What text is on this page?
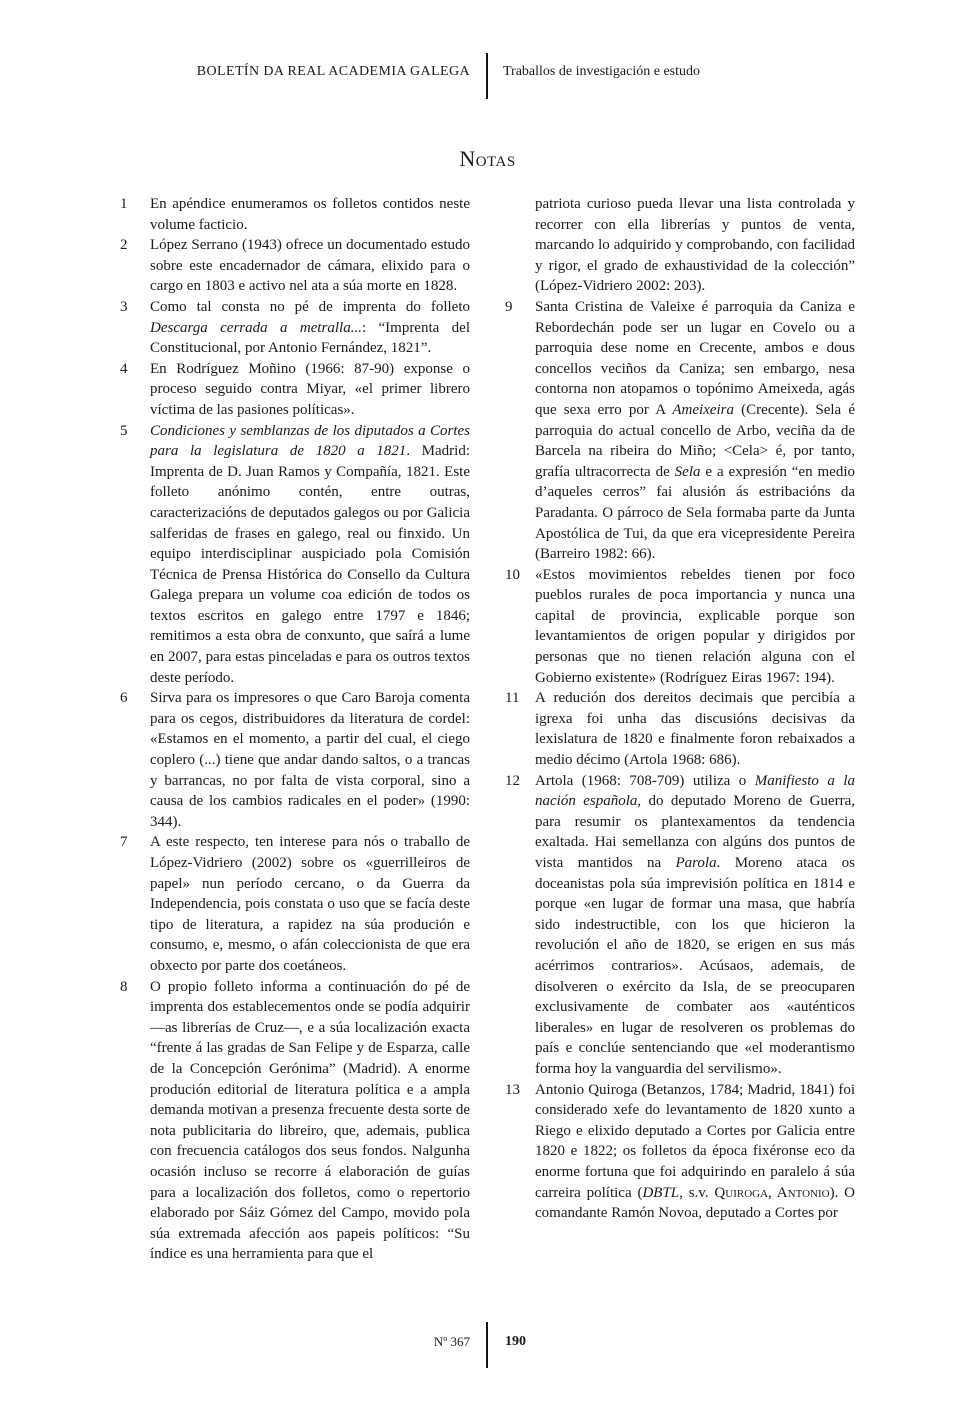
BOLETÍN DA REAL ACADEMIA GALEGA Traballos de investigación e estudo
Notas

1	En apéndice enumeramos os folletos contidos neste volume facticio.

2	López Serrano (1943) ofrece un documentado estudo sobre este encadernador de cámara, elixido para o cargo en 1803 e activo nel ata a súa morte en 1828.

3	Como tal consta no pé de imprenta do folleto Descarga cerrada a metralla...: “Imprenta del Constitucional, por Antonio Fernández, 1821”.

4	En Rodríguez Moñino (1966: 87-90) exponse o proceso seguido contra Miyar, «el primer librero víctima de las pasiones políticas».

5	Condiciones y semblanzas de los diputados a Cortes para la legislatura de 1820 a 1821. Madrid: Imprenta de D. Juan Ramos y Compañía, 1821. Este folleto anónimo contén, entre outras, caracterizacións de deputados galegos ou por Galicia salferidas de frases en galego, real ou finxido. Un equipo interdisciplinar auspiciado pola Comisión Técnica de Prensa Histórica do Consello da Cultura Galega prepara un volume coa edición de todos os textos escritos en galego entre 1797 e 1846; remitimos a esta obra de conxunto, que saírá a lume en 2007, para estas pinceladas e para os outros textos deste período.

6	Sirva para os impresores o que Caro Baroja comenta para os cegos, distribuidores da literatura de cordel: «Estamos en el momento, a partir del cual, el ciego coplero (...) tiene que andar dando saltos, o a trancas y barrancas, no por falta de vista corporal, sino a causa de los cambios radicales en el poder» (1990: 344).

7	A este respecto, ten interese para nós o traballo de López-Vidriero (2002) sobre os «guerrilleiros de papel» nun período cercano, o da Guerra da Independencia, pois constata o uso que se facía deste tipo de literatura, a rapidez na súa produción e consumo, e, mesmo, o afán coleccionista de que era obxecto por parte dos coetáneos.

8	O propio folleto informa a continuación do pé de imprenta dos establecementos onde se podía adquirir —as librerías de Cruz—, e a súa localización exacta “frente á las gradas de San Felipe y de Esparza, calle de la Concepción Gerónima” (Madrid). A enorme produción editorial de literatura política e a ampla demanda motivan a presenza frecuente desta sorte de nota publicitaria do libreiro, que, ademais, publica con frecuencia catálogos dos seus fondos. Nalgunha ocasión incluso se recorre á elaboración de guías para a localización dos folletos, como o repertorio elaborado por Sáiz Gómez del Campo, movido pola súa extremada afección aos papeis políticos: “Su índice es una herramienta para que el

patriota curioso pueda llevar una lista controlada y recorrer con ella librerías y puntos de venta, marcando lo adquirido y comprobando, con facilidad y rigor, el grado de exhaustividad de la colección” (López-Vidriero 2002: 203).

9	Santa Cristina de Valeixe é parroquia da Caniza e Rebordechán pode ser un lugar en Covelo ou a parroquia dese nome en Crecente, ambos e dous concellos veciños da Caniza; sen embargo, nesa contorna non atopamos o topónimo Ameixeda, agás que sexa erro por A Ameixeira (Crecente). Sela é parroquia do actual concello de Arbo, veciña da de Barcela na ribeira do Miño; <Cela> é, por tanto, grafía ultracorrecta de Sela e a expresión “en medio d’aqueles cerros” fai alusión ás estribacións da Paradanta. O párroco de Sela formaba parte da Junta Apostólica de Tui, da que era vicepresidente Pereira (Barreiro 1982: 66).

10	«Estos movimientos rebeldes tienen por foco pueblos rurales de poca importancia y nunca una capital de provincia, explicable porque son levantamientos de origen popular y dirigidos por personas que no tienen relación alguna con el Gobierno existente» (Rodríguez Eiras 1967: 194).

11	A redución dos dereitos decimais que percibía a igrexa foi unha das discusións decisivas da lexislatura de 1820 e finalmente foron rebaixados a medio décimo (Artola 1968: 686).

12	Artola (1968: 708-709) utiliza o Manifiesto a la nación española, do deputado Moreno de Guerra, para resumir os plantexamentos da tendencia exaltada. Hai semellanza con algúns dos puntos de vista mantidos na Parola. Moreno ataca os doceanistas pola súa imprevisión política en 1814 e porque «en lugar de formar una masa, que habría sido indestructible, con los que hicieron la revolución el año de 1820, se erigen en sus más acérrimos contrarios». Acúsaos, ademais, de disolveren o exército da Isla, de se preocuparen exclusivamente de combater aos «auténticos liberales» en lugar de resolveren os problemas do país e conclúe sentenciando que «el moderantismo forma hoy la vanguardia del servilismo».

13	Antonio Quiroga (Betanzos, 1784; Madrid, 1841) foi considerado xefe do levantamento de 1820 xunto a Riego e elixido deputado a Cortes por Galicia entre 1820 e 1822; os folletos da época fixéronse eco da enorme fortuna que foi adquirindo en paralelo á súa carreira política (DBTL, s.v. Quiroga, Antonio). O comandante Ramón Novoa, deputado a Cortes por

Nº 367	190
